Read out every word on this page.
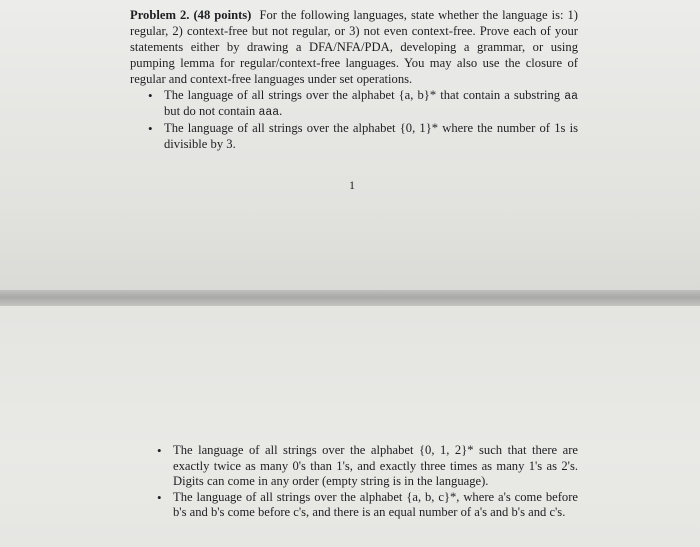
Problem 2. (48 points) For the following languages, state whether the language is: 1) regular, 2) context-free but not regular, or 3) not even context-free. Prove each of your statements either by drawing a DFA/NFA/PDA, developing a grammar, or using pumping lemma for regular/context-free languages. You may also use the closure of regular and context-free languages under set operations.

• The language of all strings over the alphabet {a, b}* that contain a substring aa but do not contain aaa.
• The language of all strings over the alphabet {0, 1}* where the number of 1s is divisible by 3.
1
• The language of all strings over the alphabet {0, 1, 2}* such that there are exactly twice as many 0's than 1's, and exactly three times as many 1's as 2's. Digits can come in any order (empty string is in the language).
• The language of all strings over the alphabet {a, b, c}*, where a's come before b's and b's come before c's, and there is an equal number of a's and b's and c's.
